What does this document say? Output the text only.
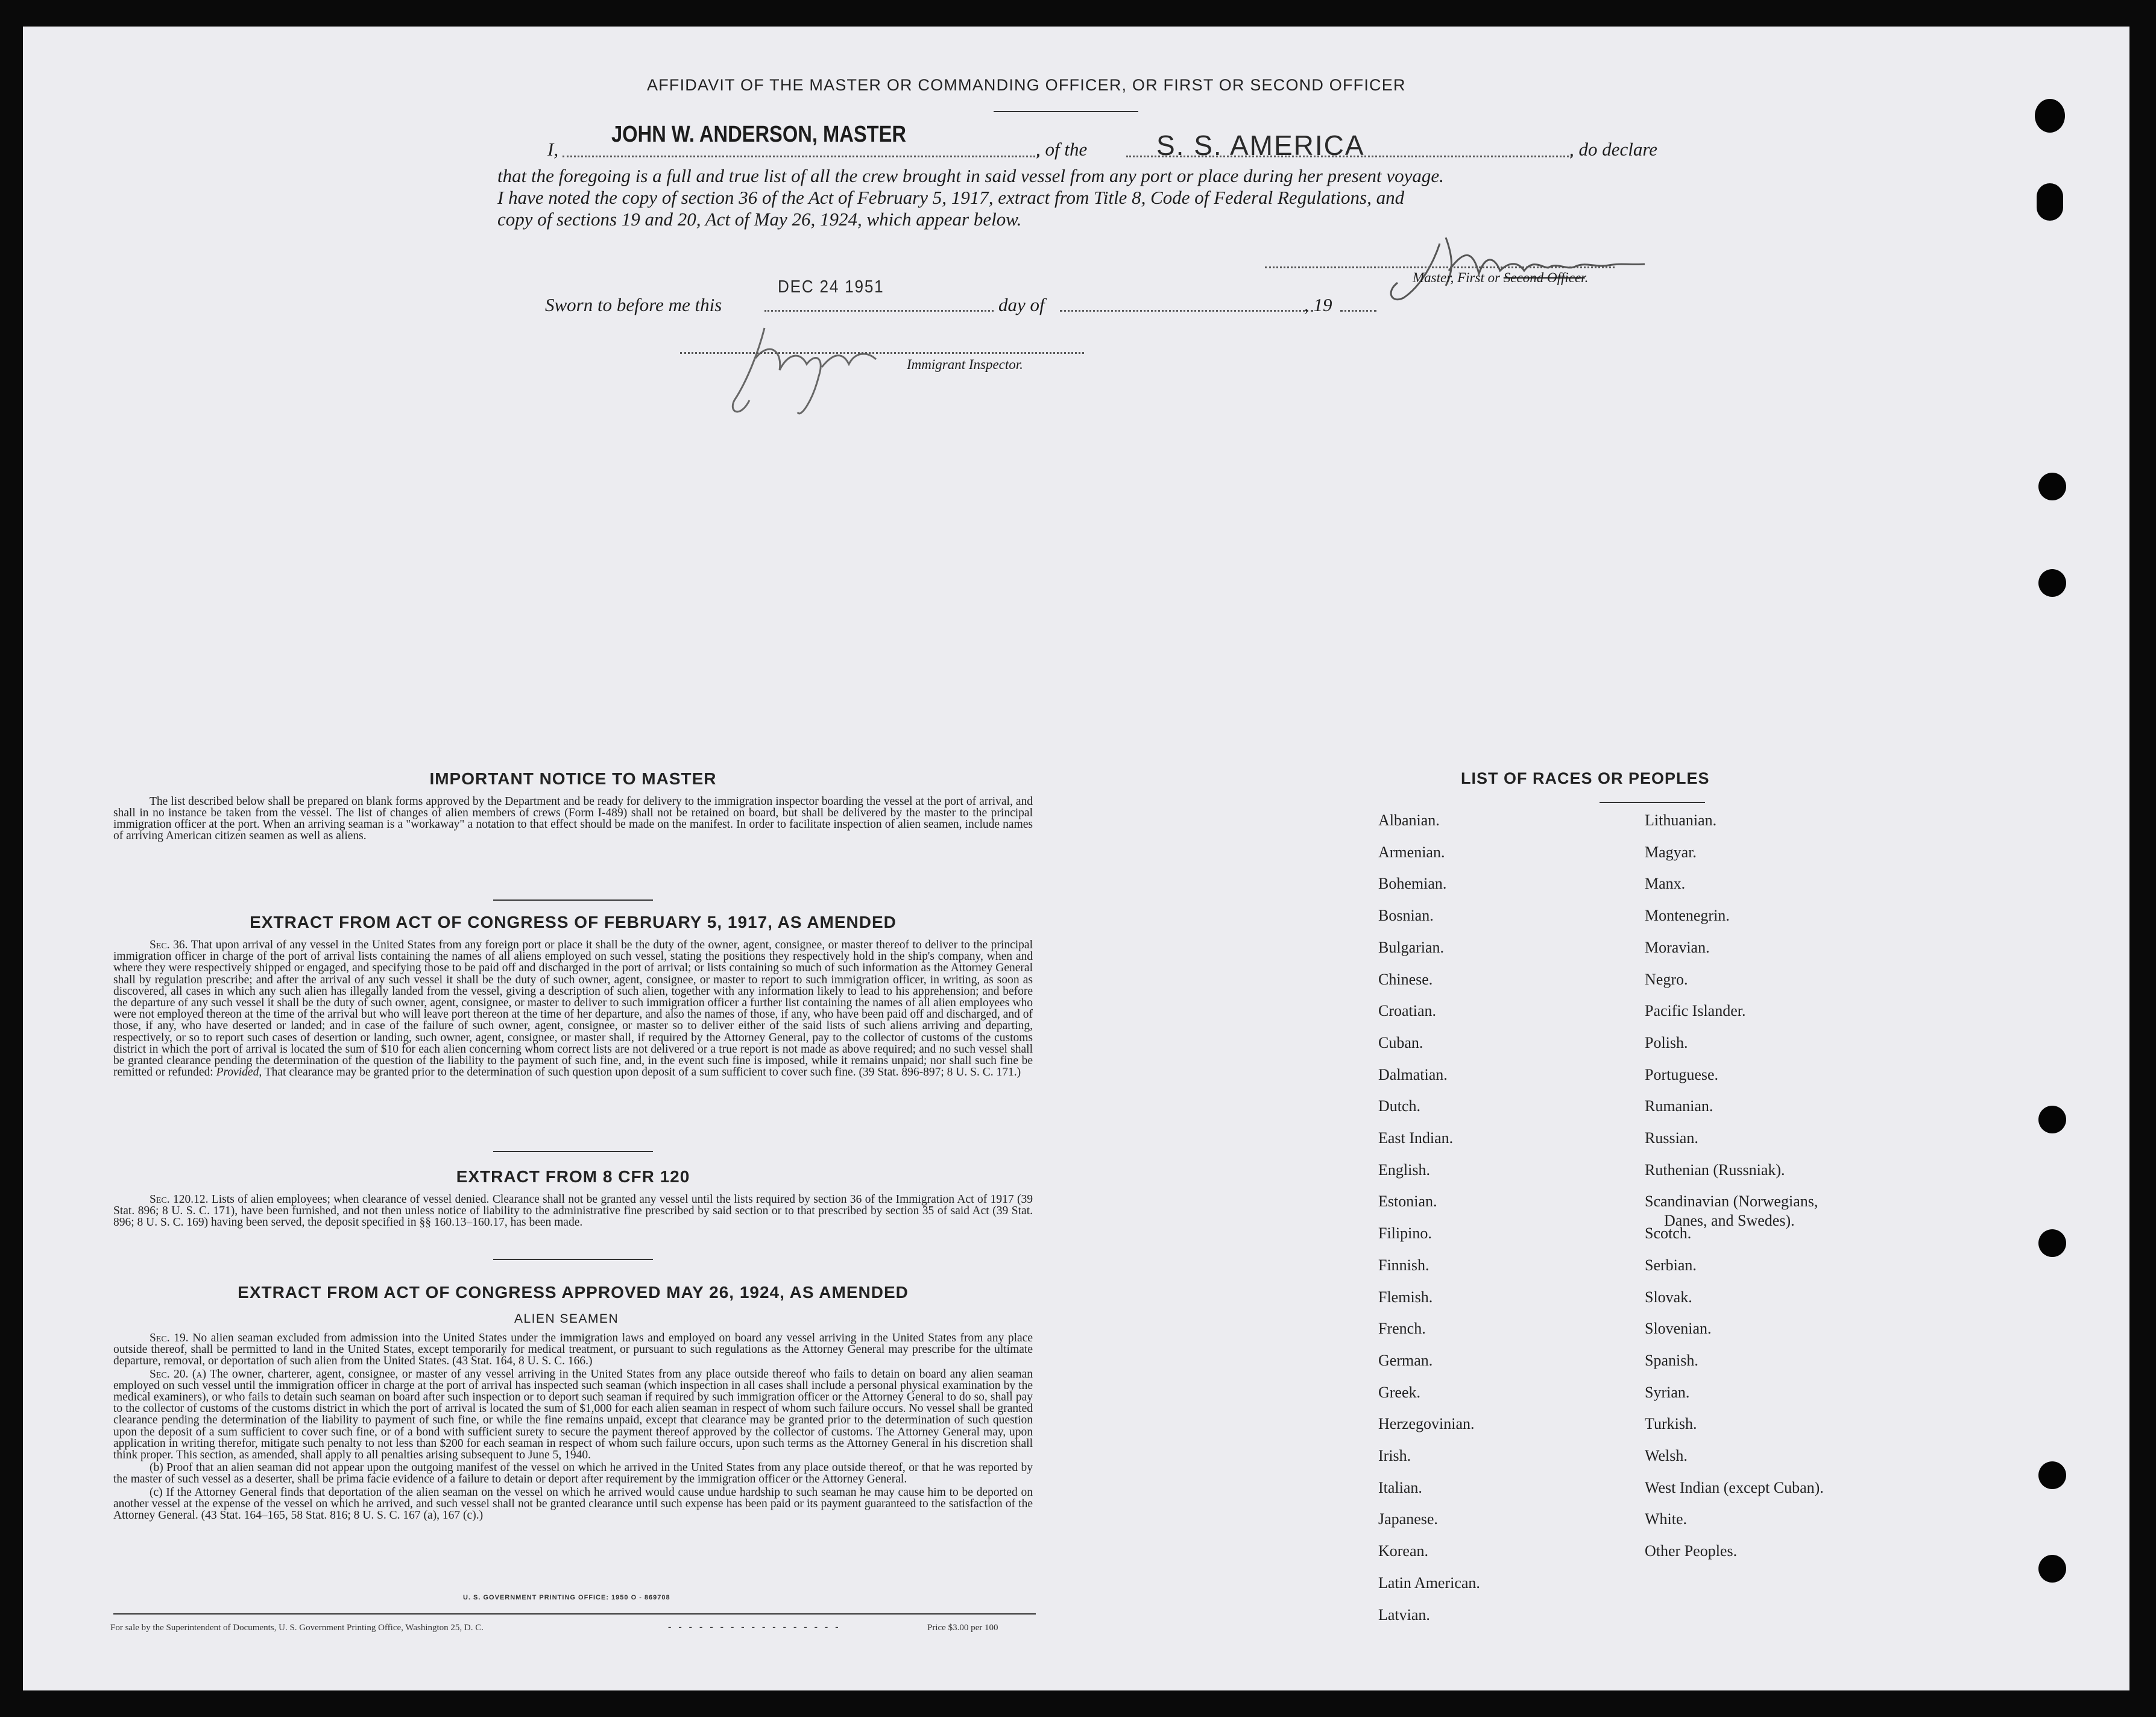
AFFIDAVIT OF THE MASTER OR COMMANDING OFFICER, OR FIRST OR SECOND OFFICER
I,
JOHN W. ANDERSON, MASTER
, of the S. S. AMERICA	, do declare
that the foregoing is a full and true list of all the crew brought in said vessel from any port or place during her present voyage.
I have noted the copy of section 36 of the Act of February 5, 1917, extract from Title 8, Code of Federal Regulations, and
copy of sections 19 and 20, Act of May 26, 1924, which appear below.
Master, First or Second Officer.
Sworn to before me this
DEC 24 1951
day of	, 19
Immigrant Inspector.
IMPORTANT NOTICE TO MASTER

The list described below shall be prepared on blank forms approved by the Department and be ready for delivery to the immigration inspector boarding the vessel at the port of arrival, and shall in no instance be taken from the vessel. The list of changes of alien members of crews (Form I-489) shall not be retained on board, but shall be delivered by the master to the principal immigration officer at the port. When an arriving seaman is a "workaway" a notation to that effect should be made on the manifest. In order to facilitate inspection of alien seamen, include names of arriving American citizen seamen as well as aliens.

EXTRACT FROM ACT OF CONGRESS OF FEBRUARY 5, 1917, AS AMENDED

Sec. 36. That upon arrival of any vessel in the United States from any foreign port or place it shall be the duty of the owner, agent, consignee, or master thereof to deliver to the principal immigration officer in charge of the port of arrival lists containing the names of all aliens employed on such vessel, stating the positions they respectively hold in the ship's company, when and where they were respectively shipped or engaged, and specifying those to be paid off and discharged in the port of arrival; or lists containing so much of such information as the Attorney General shall by regulation prescribe; and after the arrival of any such vessel it shall be the duty of such owner, agent, consignee, or master to report to such immigration officer, in writing, as soon as discovered, all cases in which any such alien has illegally landed from the vessel, giving a description of such alien, together with any information likely to lead to his apprehension; and before the departure of any such vessel it shall be the duty of such owner, agent, consignee, or master to deliver to such immigration officer a further list containing the names of all alien employees who were not employed thereon at the time of the arrival but who will leave port thereon at the time of her departure, and also the names of those, if any, who have been paid off and discharged, and of those, if any, who have deserted or landed; and in case of the failure of such owner, agent, consignee, or master so to deliver either of the said lists of such aliens arriving and departing, respectively, or so to report such cases of desertion or landing, such owner, agent, consignee, or master shall, if required by the Attorney General, pay to the collector of customs of the customs district in which the port of arrival is located the sum of $10 for each alien concerning whom correct lists are not delivered or a true report is not made as above required; and no such vessel shall be granted clearance pending the determination of the question of the liability to the payment of such fine, and, in the event such fine is imposed, while it remains unpaid; nor shall such fine be remitted or refunded: Provided, That clearance may be granted prior to the determination of such question upon deposit of a sum sufficient to cover such fine. (39 Stat. 896-897; 8 U. S. C. 171.)

EXTRACT FROM 8 CFR 120

Sec. 120.12. Lists of alien employees; when clearance of vessel denied. Clearance shall not be granted any vessel until the lists required by section 36 of the Immigration Act of 1917 (39 Stat. 896; 8 U. S. C. 171), have been furnished, and not then unless notice of liability to the administrative fine prescribed by said section or to that prescribed by section 35 of said Act (39 Stat. 896; 8 U. S. C. 169) having been served, the deposit specified in §§ 160.13–160.17, has been made.

EXTRACT FROM ACT OF CONGRESS APPROVED MAY 26, 1924, AS AMENDED
ALIEN SEAMEN

Sec. 19. No alien seaman excluded from admission into the United States under the immigration laws and employed on board any vessel arriving in the United States from any place outside thereof, shall be permitted to land in the United States, except temporarily for medical treatment, or pursuant to such regulations as the Attorney General may prescribe for the ultimate departure, removal, or deportation of such alien from the United States. (43 Stat. 164, 8 U. S. C. 166.)

Sec. 20. (a) The owner, charterer, agent, consignee, or master of any vessel arriving in the United States from any place outside thereof who fails to detain on board any alien seaman employed on such vessel until the immigration officer in charge at the port of arrival has inspected such seaman (which inspection in all cases shall include a personal physical examination by the medical examiners), or who fails to detain such seaman on board after such inspection or to deport such seaman if required by such immigration officer or the Attorney General to do so, shall pay to the collector of customs of the customs district in which the port of arrival is located the sum of $1,000 for each alien seaman in respect of whom such failure occurs. No vessel shall be granted clearance pending the determination of the liability to payment of such fine, or while the fine remains unpaid, except that clearance may be granted prior to the determination of such question upon the deposit of a sum sufficient to cover such fine, or of a bond with sufficient surety to secure the payment thereof approved by the collector of customs. The Attorney General may, upon application in writing therefor, mitigate such penalty to not less than $200 for each seaman in respect of whom such failure occurs, upon such terms as the Attorney General in his discretion shall think proper. This section, as amended, shall apply to all penalties arising subsequent to June 5, 1940.

(b) Proof that an alien seaman did not appear upon the outgoing manifest of the vessel on which he arrived in the United States from any place outside thereof, or that he was reported by the master of such vessel as a deserter, shall be prima facie evidence of a failure to detain or deport after requirement by the immigration officer or the Attorney General.

(c) If the Attorney General finds that deportation of the alien seaman on the vessel on which he arrived would cause undue hardship to such seaman he may cause him to be deported on another vessel at the expense of the vessel on which he arrived, and such vessel shall not be granted clearance until such expense has been paid or its payment guaranteed to the satisfaction of the Attorney General. (43 Stat. 164–165, 58 Stat. 816; 8 U. S. C. 167 (a), 167 (c).)

U. S. GOVERNMENT PRINTING OFFICE: 1950 O - 869708
For sale by the Superintendent of Documents, U. S. Government Printing Office, Washington 25, D. C.	- - - - - - - - - - - - - - - - -	Price $3.00 per 100
LIST OF RACES OR PEOPLES
Albanian.
Armenian.
Bohemian.
Bosnian.
Bulgarian.
Chinese.
Croatian.
Cuban.
Dalmatian.
Dutch.
East Indian.
English.
Estonian.
Filipino.
Finnish.
Flemish.
French.
German.
Greek.
Herzegovinian.
Irish.
Italian.
Japanese.
Korean.
Latin American.
Latvian.
Lithuanian.
Magyar.
Manx.
Montenegrin.
Moravian.
Negro.
Pacific Islander.
Polish.
Portuguese.
Rumanian.
Russian.
Ruthenian (Russniak).
Scandinavian (Norwegians,
Danes, and Swedes).
Scotch.
Serbian.
Slovak.
Slovenian.
Spanish.
Syrian.
Turkish.
Welsh.
West Indian (except Cuban).
White.
Other Peoples.
